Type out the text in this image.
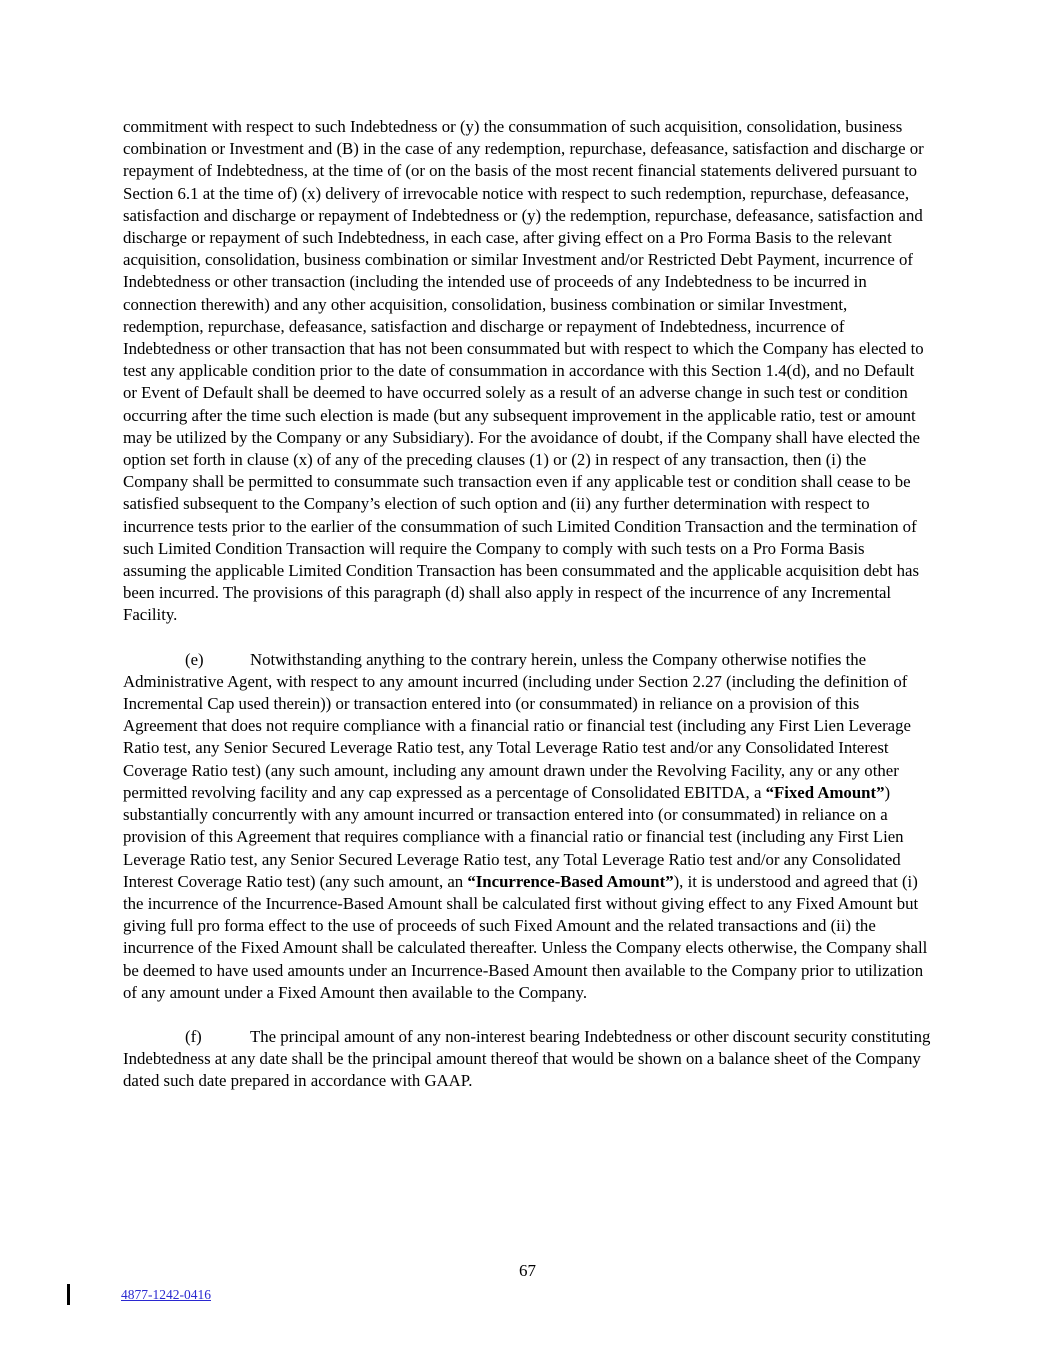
commitment with respect to such Indebtedness or (y) the consummation of such acquisition, consolidation, business combination or Investment and (B) in the case of any redemption, repurchase, defeasance, satisfaction and discharge or repayment of Indebtedness, at the time of (or on the basis of the most recent financial statements delivered pursuant to Section 6.1 at the time of) (x) delivery of irrevocable notice with respect to such redemption, repurchase, defeasance, satisfaction and discharge or repayment of Indebtedness or (y) the redemption, repurchase, defeasance, satisfaction and discharge or repayment of such Indebtedness, in each case, after giving effect on a Pro Forma Basis to the relevant acquisition, consolidation, business combination or similar Investment and/or Restricted Debt Payment, incurrence of Indebtedness or other transaction (including the intended use of proceeds of any Indebtedness to be incurred in connection therewith) and any other acquisition, consolidation, business combination or similar Investment, redemption, repurchase, defeasance, satisfaction and discharge or repayment of Indebtedness, incurrence of Indebtedness or other transaction that has not been consummated but with respect to which the Company has elected to test any applicable condition prior to the date of consummation in accordance with this Section 1.4(d), and no Default or Event of Default shall be deemed to have occurred solely as a result of an adverse change in such test or condition occurring after the time such election is made (but any subsequent improvement in the applicable ratio, test or amount may be utilized by the Company or any Subsidiary). For the avoidance of doubt, if the Company shall have elected the option set forth in clause (x) of any of the preceding clauses (1) or (2) in respect of any transaction, then (i) the Company shall be permitted to consummate such transaction even if any applicable test or condition shall cease to be satisfied subsequent to the Company’s election of such option and (ii) any further determination with respect to incurrence tests prior to the earlier of the consummation of such Limited Condition Transaction and the termination of such Limited Condition Transaction will require the Company to comply with such tests on a Pro Forma Basis assuming the applicable Limited Condition Transaction has been consummated and the applicable acquisition debt has been incurred. The provisions of this paragraph (d) shall also apply in respect of the incurrence of any Incremental Facility.

(e)	Notwithstanding anything to the contrary herein, unless the Company otherwise notifies the Administrative Agent, with respect to any amount incurred (including under Section 2.27 (including the definition of Incremental Cap used therein)) or transaction entered into (or consummated) in reliance on a provision of this Agreement that does not require compliance with a financial ratio or financial test (including any First Lien Leverage Ratio test, any Senior Secured Leverage Ratio test, any Total Leverage Ratio test and/or any Consolidated Interest Coverage Ratio test) (any such amount, including any amount drawn under the Revolving Facility, any or any other permitted revolving facility and any cap expressed as a percentage of Consolidated EBITDA, a “Fixed Amount”) substantially concurrently with any amount incurred or transaction entered into (or consummated) in reliance on a provision of this Agreement that requires compliance with a financial ratio or financial test (including any First Lien Leverage Ratio test, any Senior Secured Leverage Ratio test, any Total Leverage Ratio test and/or any Consolidated Interest Coverage Ratio test) (any such amount, an “Incurrence-Based Amount”), it is understood and agreed that (i) the incurrence of the Incurrence-Based Amount shall be calculated first without giving effect to any Fixed Amount but giving full pro forma effect to the use of proceeds of such Fixed Amount and the related transactions and (ii) the incurrence of the Fixed Amount shall be calculated thereafter. Unless the Company elects otherwise, the Company shall be deemed to have used amounts under an Incurrence-Based Amount then available to the Company prior to utilization of any amount under a Fixed Amount then available to the Company.

(f)	The principal amount of any non-interest bearing Indebtedness or other discount security constituting Indebtedness at any date shall be the principal amount thereof that would be shown on a balance sheet of the Company dated such date prepared in accordance with GAAP.

67
4877-1242-0416
